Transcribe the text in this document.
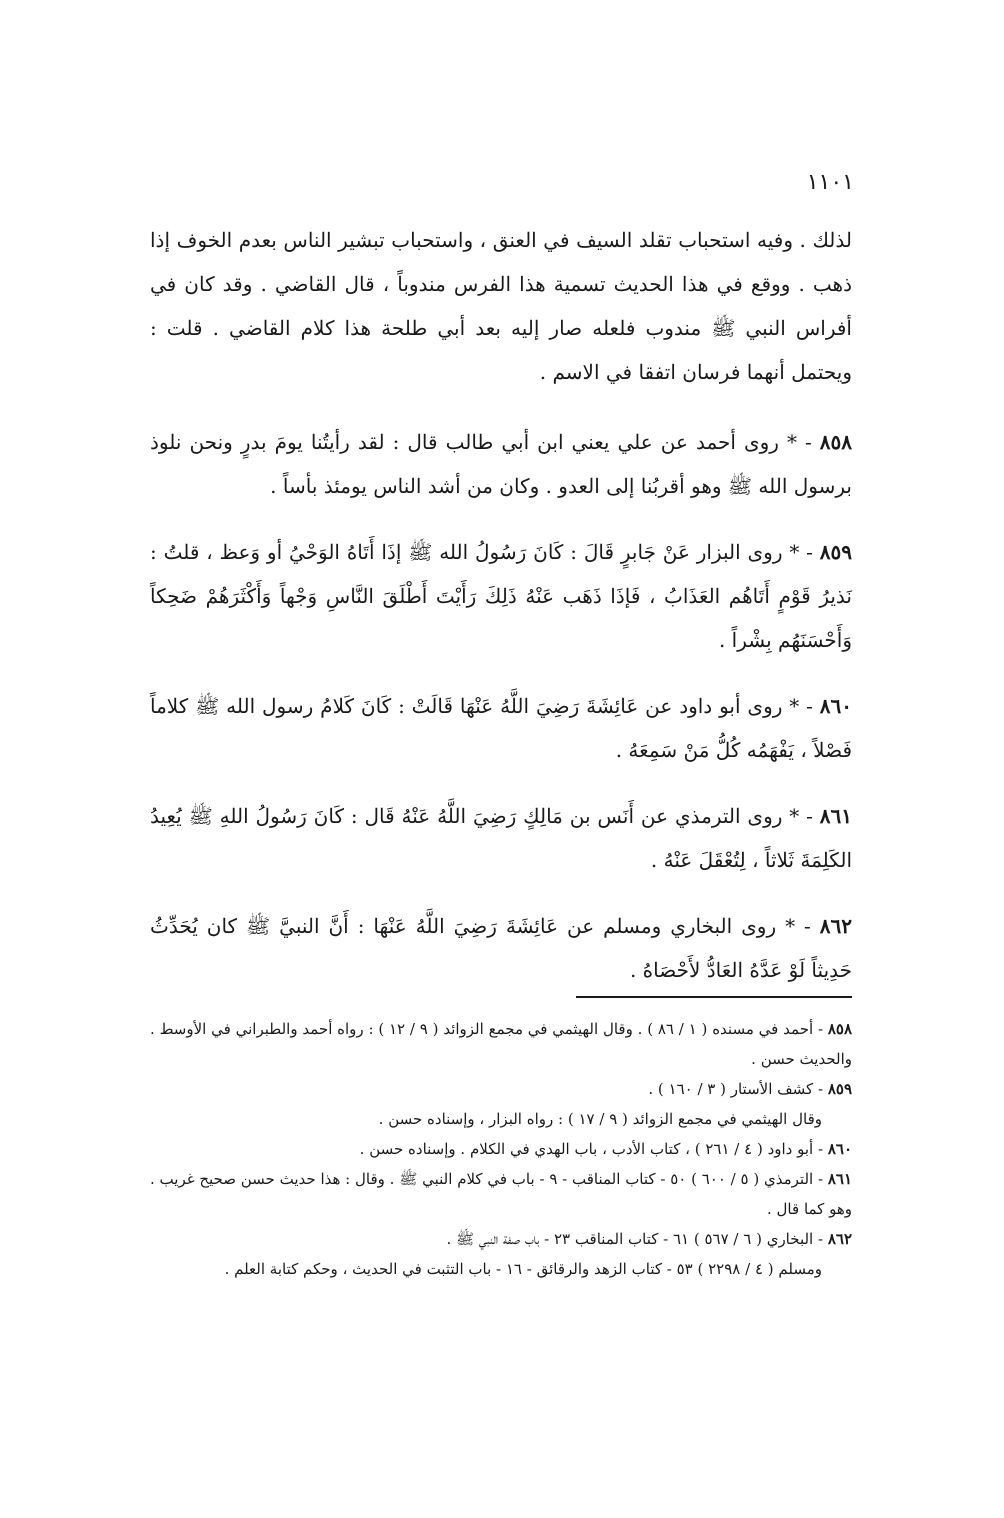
١١٠١

لذلك . وفيه استحباب تقلد السيف في العنق ، واستحباب تبشير الناس بعدم الخوف إذا ذهب . ووقع في هذا الحديث تسمية هذا الفرس مندوباً ، قال القاضي . وقد كان في أفراس النبي ﷺ مندوب فلعله صار إليه بعد أبي طلحة هذا كلام القاضي . قلت : ويحتمل أنهما فرسان اتفقا في الاسم .

٨٥٨ - * روى أحمد عن علي يعني ابن أبي طالب قال : لقد رأيتُنا يومَ بدرٍ ونحن نلوذ برسول الله ﷺ وهو أقربُنا إلى العدو . وكان من أشد الناس يومئذ بأساً .

٨٥٩ - * روى البزار عَنْ جَابرٍ قَالَ : كَانَ رَسُولُ الله ﷺ إذَا أَتَاهُ الوَحْيُ أو وَعظ ، قلتُ : نَذيرُ قَوْمٍ أَتَاهُم العَذَابُ ، فَإذَا ذَهَب عَنْهُ ذَلِكَ رَأَيْتَ أَطْلَقَ النَّاسِ وَجْهاً وَأَكْثَرَهُمْ ضَحِكاً وَأَحْسَنَهُم بِشْراً .

٨٦٠ - * روى أبو داود عن عَائِشَةَ رَضِيَ اللَّهُ عَنْهَا قَالَتْ : كَانَ كَلامُ رسول الله ﷺ كلاماً فَصْلاً ، يَفْهَمُه كُلُّ مَنْ سَمِعَهُ .

٨٦١ - * روى الترمذي عن أَنَس بن مَالِكٍ رَضِيَ اللَّهُ عَنْهُ قَال : كَانَ رَسُولُ اللهِ ﷺ يُعِيدُ الكَلِمَةَ ثَلاثاً ، لِتُعْقَلَ عَنْهُ .

٨٦٢ - * روى البخاري ومسلم عن عَائِشَةَ رَضِيَ اللَّهُ عَنْهَا : أَنَّ النبيَّ ﷺ كان يُحَدِّثُ حَدِيثاً لَوْ عَدَّهُ العَادُّ لأَحْصَاهُ .

٨٥٨ - أحمد في مسنده ( ١ / ٨٦ ) . وقال الهيثمي في مجمع الزوائد ( ٩ / ١٢ ) : رواه أحمد والطبراني في الأوسط . والحديث حسن .

٨٥٩ - كشف الأستار ( ٣ / ١٦٠ ) .

وقال الهيثمي في مجمع الزوائد ( ٩ / ١٧ ) : رواه البزار ، وإسناده حسن .

٨٦٠ - أبو داود ( ٤ / ٢٦١ ) ، كتاب الأدب ، باب الهدي في الكلام . وإسناده حسن .

٨٦١ - الترمذي ( ٥ / ٦٠٠ ) ٥٠ - كتاب المناقب - ٩ - باب في كلام النبي ﷺ . وقال : هذا حديث حسن صحيح غريب . وهو كما قال .

٨٦٢ - البخاري ( ٦ / ٥٦٧ ) ٦١ - كتاب المناقب ٢٣ - باب صفة النبي ﷺ .

ومسلم ( ٤ / ٢٢٩٨ ) ٥٣ - كتاب الزهد والرقائق - ١٦ - باب التثبت في الحديث ، وحكم كتابة العلم .
